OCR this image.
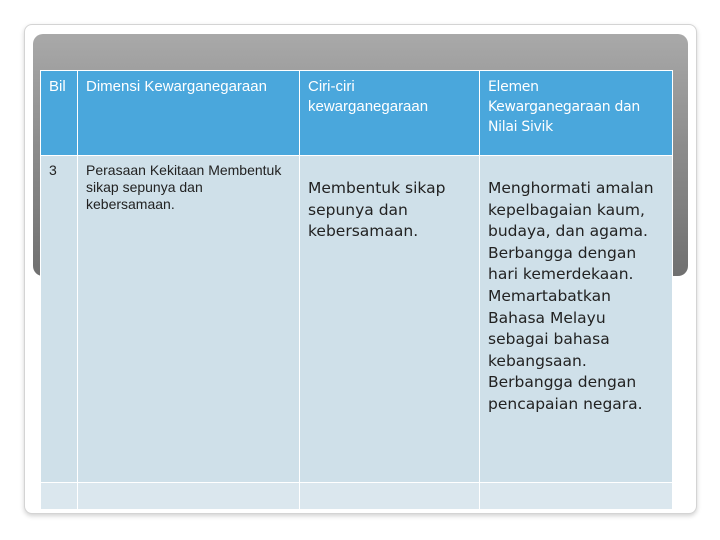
Bil	Dimensi Kewarganegaraan	Ciri-ciri kewarganegaraan	Elemen Kewarganegaraan dan Nilai Sivik

3	Perasaan Kekitaan Membentuk sikap sepunya dan kebersamaan.	Membentuk sikap sepunya dan kebersamaan.	Menghormati amalan kepelbagaian kaum, budaya, dan agama. Berbangga dengan hari kemerdekaan. Memartabatkan Bahasa Melayu sebagai bahasa kebangsaan. Berbangga dengan pencapaian negara.
